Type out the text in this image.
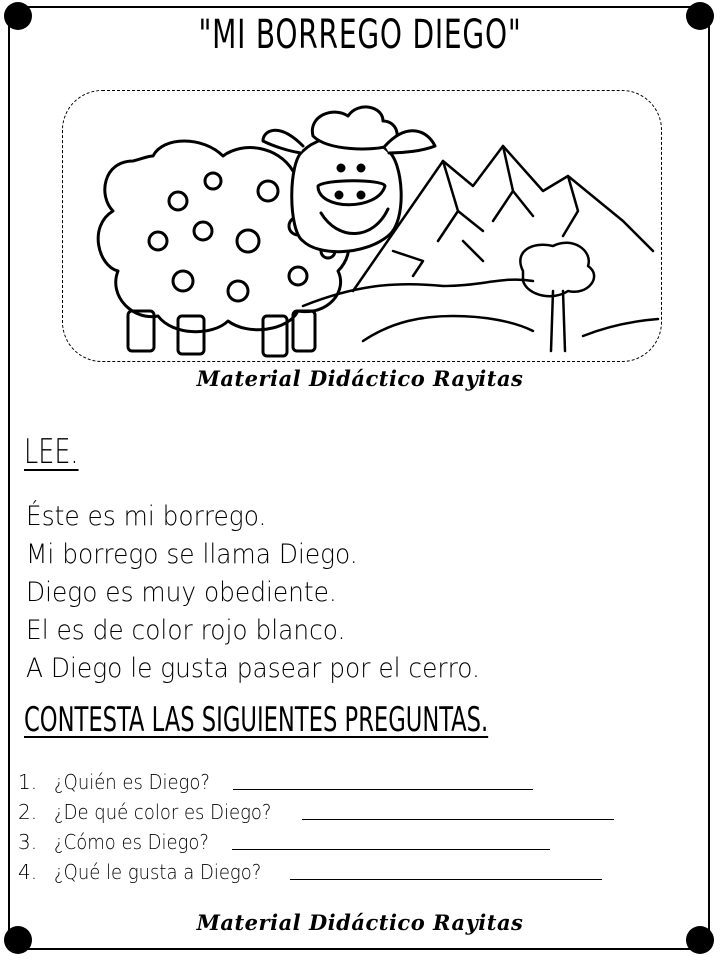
"MI BORREGO DIEGO"
Material Didáctico Rayitas
LEE.
Éste es mi borrego.
Mi borrego se llama Diego.
Diego es muy obediente.
El es de color rojo blanco.
A Diego le gusta pasear por el cerro.
CONTESTA LAS SIGUIENTES PREGUNTAS.
1. ¿Quién es Diego?
2. ¿De qué color es Diego?
3. ¿Cómo es Diego?
4. ¿Qué le gusta a Diego?
Material Didáctico Rayitas
